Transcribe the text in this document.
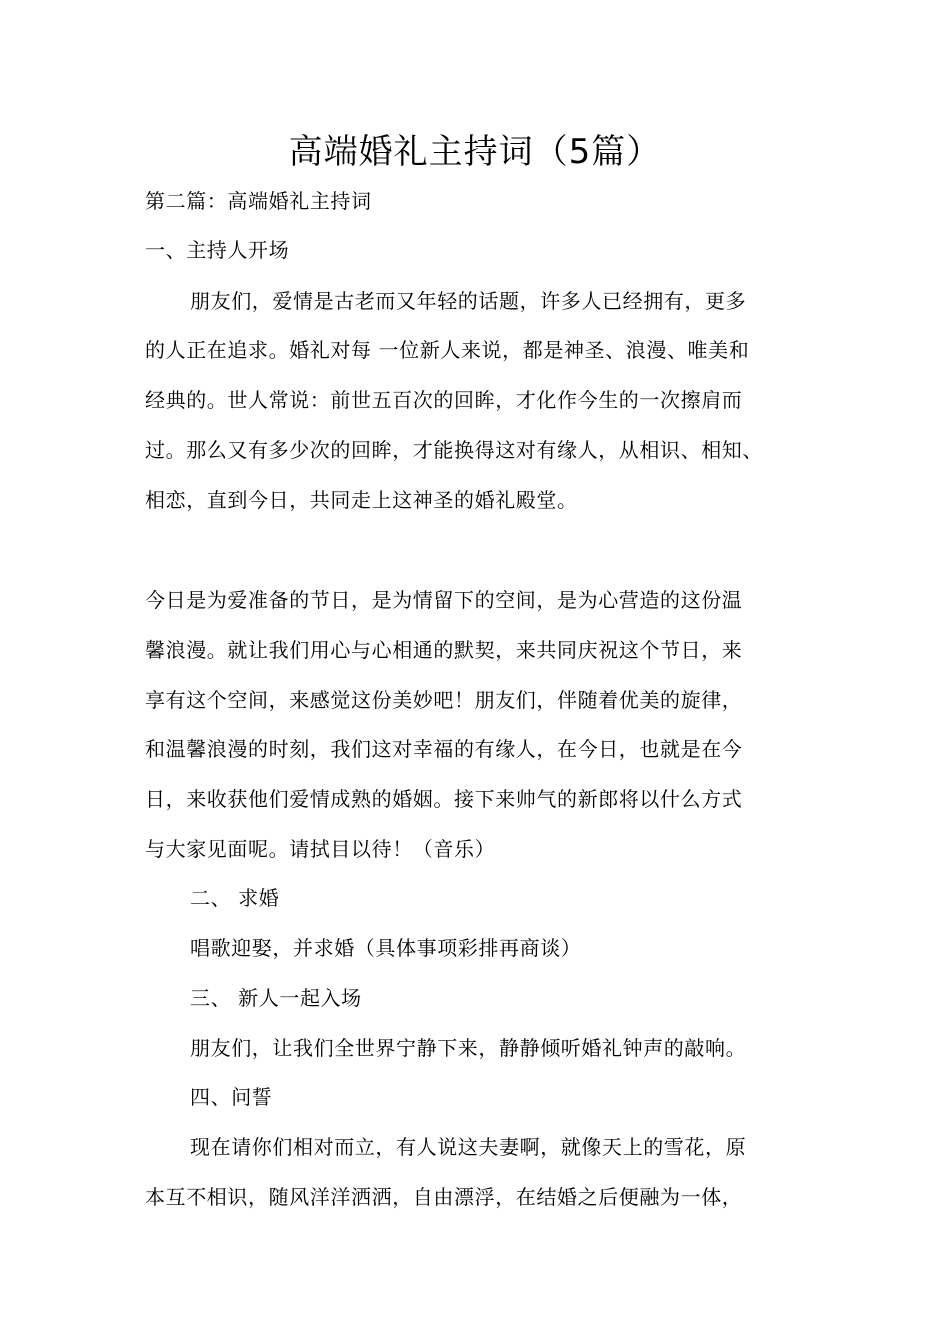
高端婚礼主持词（5篇）
第二篇：高端婚礼主持词
一、主持人开场
朋友们，爱情是古老而又年轻的话题，许多人已经拥有，更多
的人正在追求。婚礼对每 一位新人来说，都是神圣、浪漫、唯美和
经典的。世人常说：前世五百次的回眸，才化作今生的一次擦肩而
过。那么又有多少次的回眸，才能换得这对有缘人，从相识、相知、
相恋，直到今日，共同走上这神圣的婚礼殿堂。
今日是为爱准备的节日，是为情留下的空间，是为心营造的这份温
馨浪漫。就让我们用心与心相通的默契，来共同庆祝这个节日，来
享有这个空间，来感觉这份美妙吧！朋友们，伴随着优美的旋律，
和温馨浪漫的时刻，我们这对幸福的有缘人，在今日，也就是在今
日，来收获他们爱情成熟的婚姻。接下来帅气的新郎将以什么方式
与大家见面呢。请拭目以待！（音乐）
二、 求婚
唱歌迎娶，并求婚（具体事项彩排再商谈）
三、 新人一起入场
朋友们，让我们全世界宁静下来，静静倾听婚礼钟声的敲响。
四、问誓
现在请你们相对而立，有人说这夫妻啊，就像天上的雪花，原
本互不相识，随风洋洋洒洒，自由漂浮，在结婚之后便融为一体，
